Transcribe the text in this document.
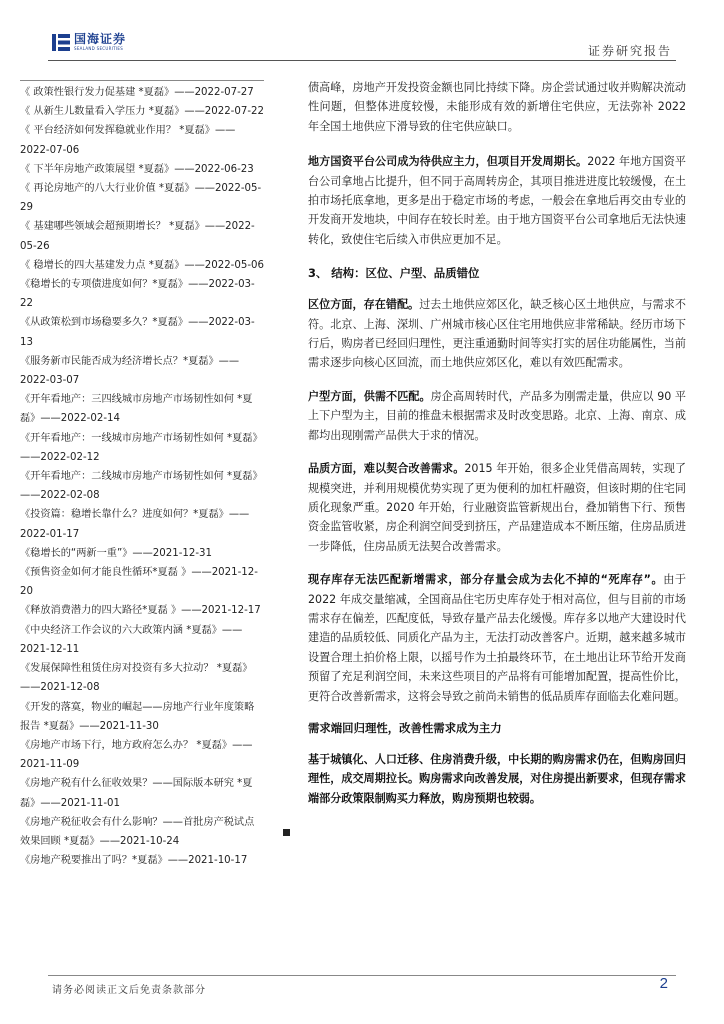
国海证券
SEALAND SECURITIES	证券研究报告
《 政策性银行发力促基建 *夏磊》——2022-07-27
《 从新生儿数量看入学压力 *夏磊》——2022-07-22
《 平台经济如何发挥稳就业作用？ *夏磊》——2022-07-06
《 下半年房地产政策展望 *夏磊》——2022-06-23
《 再论房地产的八大行业价值 *夏磊》——2022-05-29
《 基建哪些领域会超预期增长？ *夏磊》——2022-05-26
《 稳增长的四大基建发力点 *夏磊》——2022-05-06
《稳增长的专项债进度如何？*夏磊》——2022-03-22
《从政策松到市场稳要多久？*夏磊》——2022-03-13
《服务新市民能否成为经济增长点？*夏磊》——2022-03-07
《开年看地产：三四线城市房地产市场韧性如何 *夏磊》——2022-02-14
《开年看地产：一线城市房地产市场韧性如何 *夏磊》——2022-02-12
《开年看地产：二线城市房地产市场韧性如何 *夏磊》——2022-02-08
《投资篇：稳增长靠什么？进度如何？*夏磊》——2022-01-17
《稳增长的“两新一重”》——2021-12-31
《预售资金如何才能良性循环*夏磊 》——2021-12-20
《释放消费潜力的四大路径*夏磊 》——2021-12-17
《中央经济工作会议的六大政策内涵 *夏磊》——2021-12-11
《发展保障性租赁住房对投资有多大拉动？ *夏磊》——2021-12-08
《开发的落寞，物业的崛起——房地产行业年度策略报告 *夏磊》——2021-11-30
《房地产市场下行，地方政府怎么办？ *夏磊》——2021-11-09
《房地产税有什么征收效果？——国际版本研究 *夏磊》——2021-11-01
《房地产税征收会有什么影响？——首批房产税试点效果回顾 *夏磊》——2021-10-24
《房地产税要推出了吗？*夏磊》——2021-10-17

债高峰，房地产开发投资金额也同比持续下降。房企尝试通过收并购解决流动性问题，但整体进度较慢，未能形成有效的新增住宅供应，无法弥补 2022 年全国土地供应下滑导致的住宅供应缺口。

地方国资平台公司成为待供应主力，但项目开发周期长。2022 年地方国资平台公司拿地占比提升，但不同于高周转房企，其项目推进进度比较缓慢，在土拍市场托底拿地，更多是出于稳定市场的考虑，一般会在拿地后再交由专业的开发商开发地块，中间存在较长时差。由于地方国资平台公司拿地后无法快速转化，致使住宅后续入市供应更加不足。

3、 结构：区位、户型、品质错位

区位方面，存在错配。过去土地供应郊区化，缺乏核心区土地供应，与需求不符。北京、上海、深圳、广州城市核心区住宅用地供应非常稀缺。经历市场下行后，购房者已经回归理性，更注重通勤时间等实打实的居住功能属性，当前需求逐步向核心区回流，而土地供应郊区化，难以有效匹配需求。

户型方面，供需不匹配。房企高周转时代，产品多为刚需走量，供应以 90 平上下户型为主，目前的推盘未根据需求及时改变思路。北京、上海、南京、成都均出现刚需产品供大于求的情况。

品质方面，难以契合改善需求。2015 年开始，很多企业凭借高周转，实现了规模突进，并利用规模优势实现了更为便利的加杠杆融资，但该时期的住宅同质化现象严重。2020 年开始，行业融资监管新规出台，叠加销售下行、预售资金监管收紧，房企利润空间受到挤压，产品建造成本不断压缩，住房品质进一步降低，住房品质无法契合改善需求。

现存库存无法匹配新增需求，部分存量会成为去化不掉的“死库存”。由于 2022 年成交量缩减，全国商品住宅历史库存处于相对高位，但与目前的市场需求存在偏差，匹配度低，导致存量产品去化缓慢。库存多以地产大建设时代建造的品质较低、同质化产品为主，无法打动改善客户。近期，越来越多城市设置合理土拍价格上限，以摇号作为土拍最终环节，在土地出让环节给开发商预留了充足利润空间，未来这些项目的产品将有可能增加配置，提高性价比，更符合改善新需求，这将会导致之前尚未销售的低品质库存面临去化难问题。

需求端回归理性，改善性需求成为主力

基于城镇化、人口迁移、住房消费升级，中长期的购房需求仍在，但购房回归理性，成交周期拉长。购房需求向改善发展，对住房提出新要求，但现存需求端部分政策限制购买力释放，购房预期也较弱。

请务必阅读正文后免责条款部分	2
